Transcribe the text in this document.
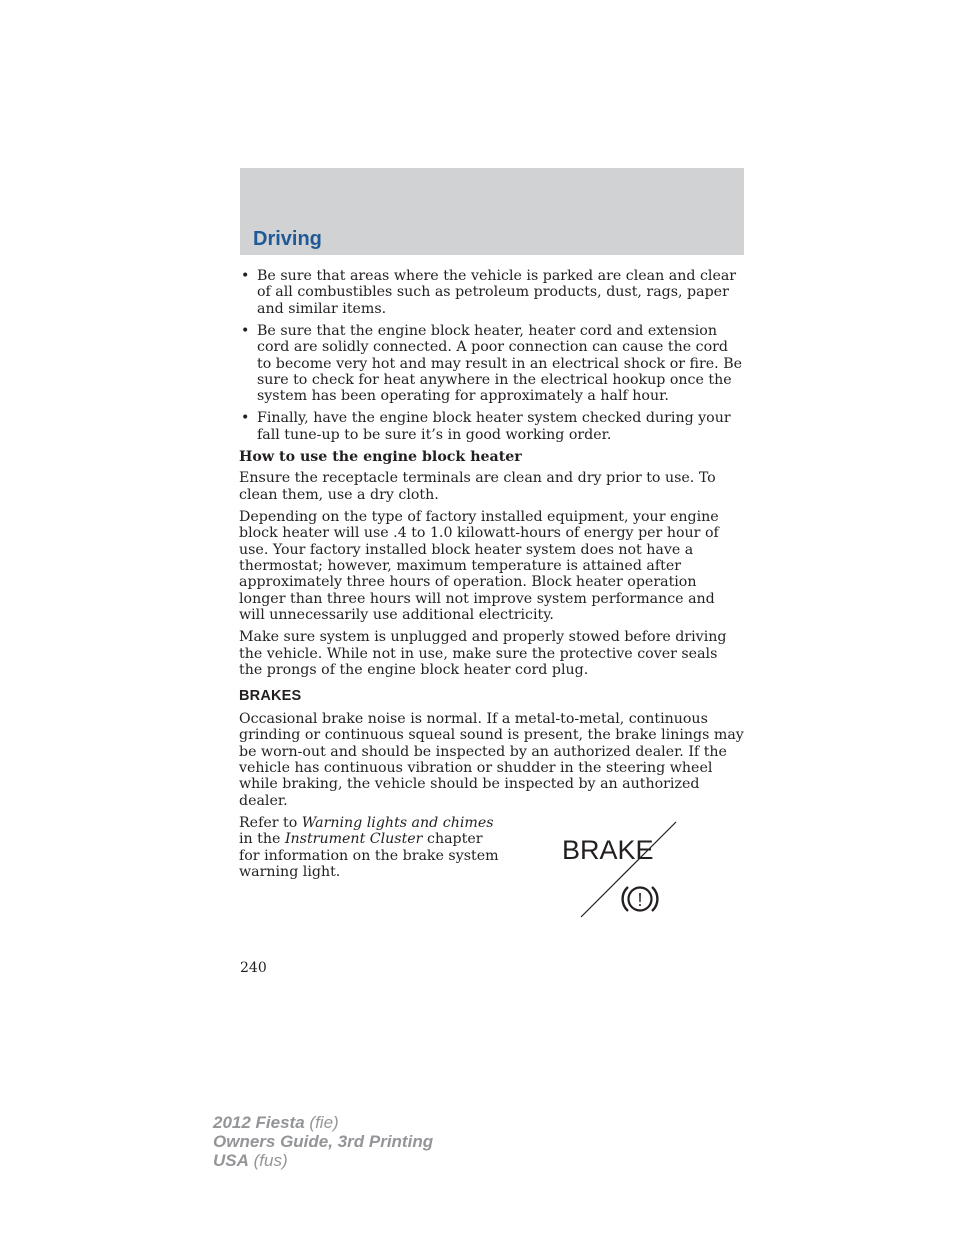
Driving
• Be sure that areas where the vehicle is parked are clean and clear of all combustibles such as petroleum products, dust, rags, paper and similar items.
• Be sure that the engine block heater, heater cord and extension cord are solidly connected. A poor connection can cause the cord to become very hot and may result in an electrical shock or fire. Be sure to check for heat anywhere in the electrical hookup once the system has been operating for approximately a half hour.
• Finally, have the engine block heater system checked during your fall tune-up to be sure it’s in good working order.
How to use the engine block heater

Ensure the receptacle terminals are clean and dry prior to use. To clean them, use a dry cloth.

Depending on the type of factory installed equipment, your engine block heater will use .4 to 1.0 kilowatt-hours of energy per hour of use. Your factory installed block heater system does not have a thermostat; however, maximum temperature is attained after approximately three hours of operation. Block heater operation longer than three hours will not improve system performance and will unnecessarily use additional electricity.

Make sure system is unplugged and properly stowed before driving the vehicle. While not in use, make sure the protective cover seals the prongs of the engine block heater cord plug.

BRAKES

Occasional brake noise is normal. If a metal-to-metal, continuous grinding or continuous squeal sound is present, the brake linings may be worn-out and should be inspected by an authorized dealer. If the vehicle has continuous vibration or shudder in the steering wheel while braking, the vehicle should be inspected by an authorized dealer.

Refer to Warning lights and chimes in the Instrument Cluster chapter for information on the brake system warning light.

BRAKE
!
240
2012 Fiesta (fie)
Owners Guide, 3rd Printing
USA (fus)
